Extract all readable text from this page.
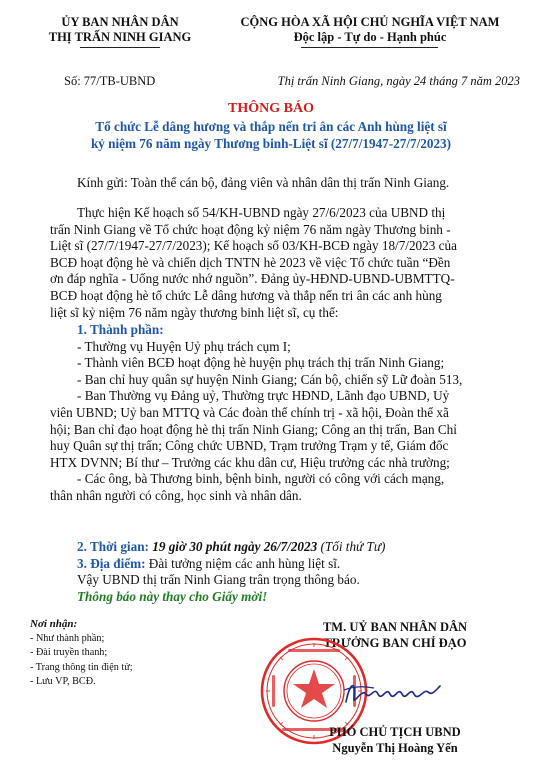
ỦY BAN NHÂN DÂN
THỊ TRẤN NINH GIANG
CỘNG HÒA XÃ HỘI CHỦ NGHĨA VIỆT NAM
Độc lập - Tự do - Hạnh phúc
Số: 77/TB-UBND	Thị trấn Ninh Giang, ngày 24 tháng 7 năm 2023
THÔNG BÁO
Tổ chức Lễ dâng hương và thắp nến tri ân các Anh hùng liệt sĩ
kỷ niệm 76 năm ngày Thương binh-Liệt sĩ (27/7/1947-27/7/2023)
Kính gửi: Toàn thể cán bộ, đảng viên và nhân dân thị trấn Ninh Giang.
Thực hiện Kế hoạch số 54/KH-UBND ngày 27/6/2023 của UBND thị
trấn Ninh Giang về Tổ chức hoạt động kỷ niệm 76 năm ngày Thương binh -
Liệt sĩ (27/7/1947-27/7/2023); Kế hoạch số 03/KH-BCĐ ngày 18/7/2023 của
BCĐ hoạt động hè và chiến dịch TNTN hè 2023 về việc Tổ chức tuần “Đền
ơn đáp nghĩa - Uống nước nhớ nguồn”. Đảng ủy-HĐND-UBND-UBMTTQ-
BCĐ hoạt động hè tổ chức Lễ dâng hương và thắp nến tri ân các anh hùng
liệt sĩ kỷ niệm 76 năm ngày thương binh liệt sĩ, cụ thể:
1. Thành phần:
- Thường vụ Huyện Uỷ phụ trách cụm I;
- Thành viên BCĐ hoạt động hè huyện phụ trách thị trấn Ninh Giang;
- Ban chỉ huy quân sự huyện Ninh Giang; Cán bộ, chiến sỹ Lữ đoàn 513,
- Ban Thường vụ Đảng uỷ, Thường trực HĐND, Lãnh đạo UBND, Uỷ
viên UBND; Uỷ ban MTTQ và Các đoàn thể chính trị - xã hội, Đoàn thể xã
hội; Ban chỉ đạo hoạt động hè thị trấn Ninh Giang; Công an thị trấn, Ban Chỉ
huy Quân sự thị trấn; Công chức UBND, Trạm trưởng Trạm y tế, Giám đốc
HTX DVNN; Bí thư – Trưởng các khu dân cư, Hiệu trưởng các nhà trường;
- Các ông, bà Thương binh, bệnh binh, người có công với cách mạng,
thân nhân người có công, học sinh và nhân dân.
2. Thời gian: 19 giờ 30 phút ngày 26/7/2023 (Tối thứ Tư)
3. Địa điểm: Đài tưởng niệm các anh hùng liệt sĩ.
Vậy UBND thị trấn Ninh Giang trân trọng thông báo.
Thông báo này thay cho Giấy mời!
Nơi nhận:
- Như thành phần;
- Đài truyền thanh;
- Trang thông tin điện tử;
- Lưu VP, BCĐ.
TM. UỶ BAN NHÂN DÂN
TRƯỞNG BAN CHỈ ĐẠO
PHÓ CHỦ TỊCH UBND
Nguyễn Thị Hoàng Yến
